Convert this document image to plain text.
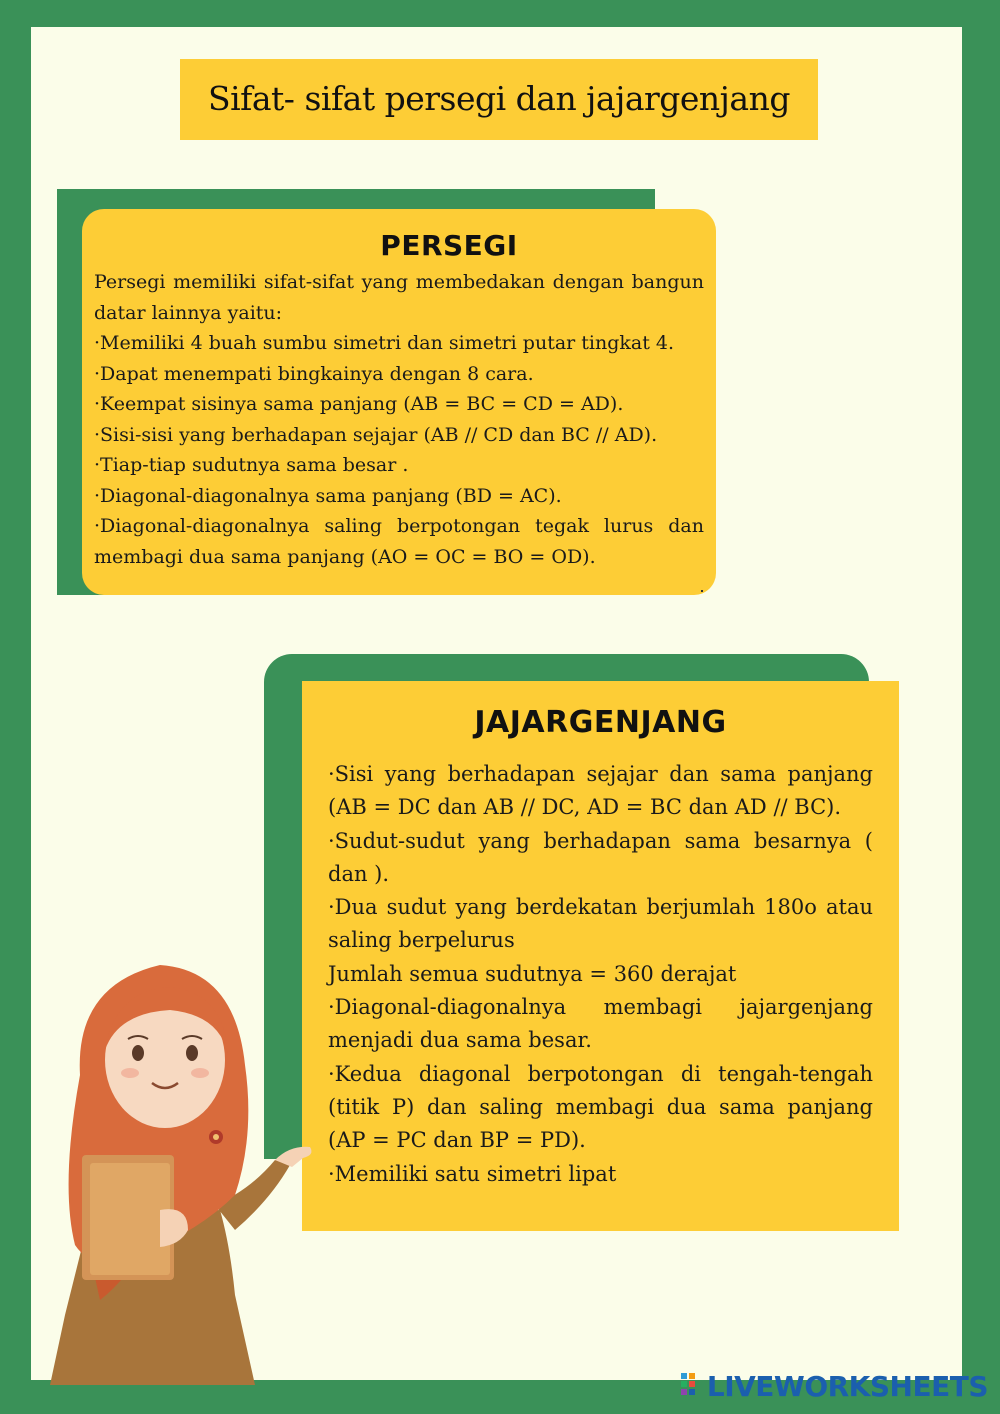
Sifat- sifat persegi dan jajargenjang
PERSEGI
Persegi memiliki sifat-sifat yang membedakan dengan bangun datar lainnya yaitu:
·Memiliki 4 buah sumbu simetri dan simetri putar tingkat 4.
·Dapat menempati bingkainya dengan 8 cara.
·Keempat sisinya sama panjang (AB = BC = CD = AD).
·Sisi-sisi yang berhadapan sejajar (AB // CD dan BC // AD).
·Tiap-tiap sudutnya sama besar .
·Diagonal-diagonalnya sama panjang (BD = AC).
·Diagonal-diagonalnya saling berpotongan tegak lurus dan membagi dua sama panjang (AO = OC = BO = OD).
JAJARGENJANG
·Sisi yang berhadapan sejajar dan sama panjang (AB = DC dan AB // DC, AD = BC dan AD // BC).
·Sudut-sudut yang berhadapan sama besarnya ( dan ).
·Dua sudut yang berdekatan berjumlah 180o atau saling berpelurus
Jumlah semua sudutnya = 360 derajat
·Diagonal-diagonalnya membagi jajargenjang menjadi dua sama besar.
·Kedua diagonal berpotongan di tengah-tengah (titik P) dan saling membagi dua sama panjang (AP = PC dan BP = PD).
·Memiliki satu simetri lipat
LIVEWORKSHEETS
